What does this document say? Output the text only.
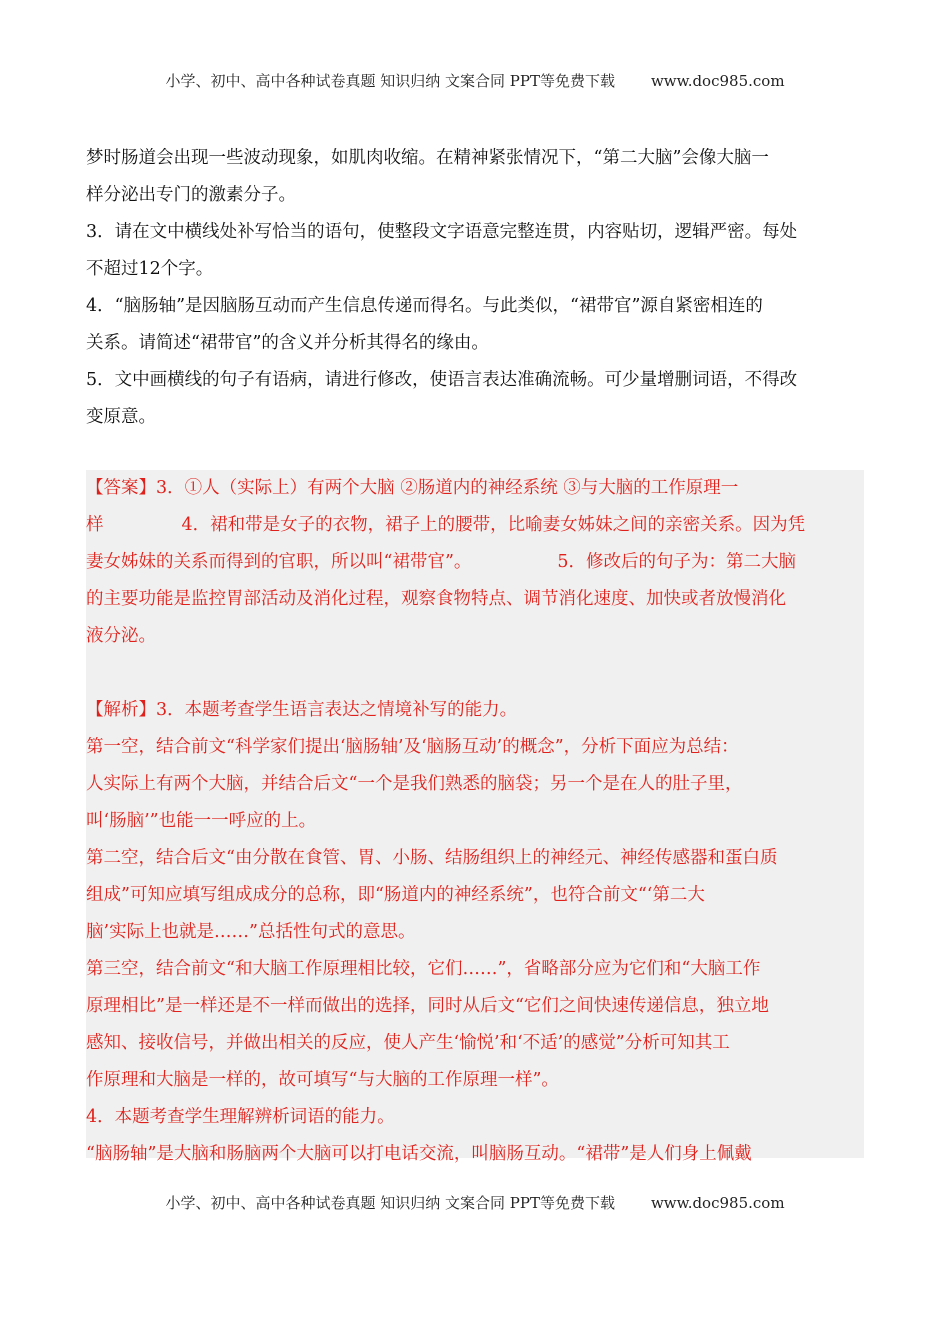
小学、初中、高中各种试卷真题 知识归纳 文案合同 PPT等免费下载 www.doc985.com

梦时肠道会出现一些波动现象，如肌肉收缩。在精神紧张情况下，“第二大脑”会像大脑一

样分泌出专门的激素分子。

3．请在文中横线处补写恰当的语句，使整段文字语意完整连贯，内容贴切，逻辑严密。每处

不超过12个字。

4．“脑肠轴”是因脑肠互动而产生信息传递而得名。与此类似，“裙带官”源自紧密相连的

关系。请简述“裙带官”的含义并分析其得名的缘由。

5．文中画横线的句子有语病，请进行修改，使语言表达准确流畅。可少量增删词语，不得改

变原意。

【答案】3．①人（实际上）有两个大脑 ②肠道内的神经系统 ③与大脑的工作原理一

样	4．裙和带是女子的衣物，裙子上的腰带，比喻妻女姊妹之间的亲密关系。因为凭

妻女姊妹的关系而得到的官职，所以叫“裙带官”。	5．修改后的句子为：第二大脑

的主要功能是监控胃部活动及消化过程，观察食物特点、调节消化速度、加快或者放慢消化

液分泌。

【解析】3．本题考查学生语言表达之情境补写的能力。

第一空，结合前文“科学家们提出‘脑肠轴’及‘脑肠互动’的概念”，分析下面应为总结：

人实际上有两个大脑，并结合后文“一个是我们熟悉的脑袋；另一个是在人的肚子里，

叫‘肠脑’”也能一一呼应的上。

第二空，结合后文“由分散在食管、胃、小肠、结肠组织上的神经元、神经传感器和蛋白质

组成”可知应填写组成成分的总称，即“肠道内的神经系统”，也符合前文“‘第二大

脑’实际上也就是……”总括性句式的意思。

第三空，结合前文“和大脑工作原理相比较，它们……”，省略部分应为它们和“大脑工作

原理相比”是一样还是不一样而做出的选择，同时从后文“它们之间快速传递信息，独立地

感知、接收信号，并做出相关的反应，使人产生‘愉悦’和‘不适’的感觉”分析可知其工

作原理和大脑是一样的，故可填写“与大脑的工作原理一样”。

4．本题考查学生理解辨析词语的能力。

“脑肠轴”是大脑和肠脑两个大脑可以打电话交流，叫脑肠互动。“裙带”是人们身上佩戴

小学、初中、高中各种试卷真题 知识归纳 文案合同 PPT等免费下载 www.doc985.com
